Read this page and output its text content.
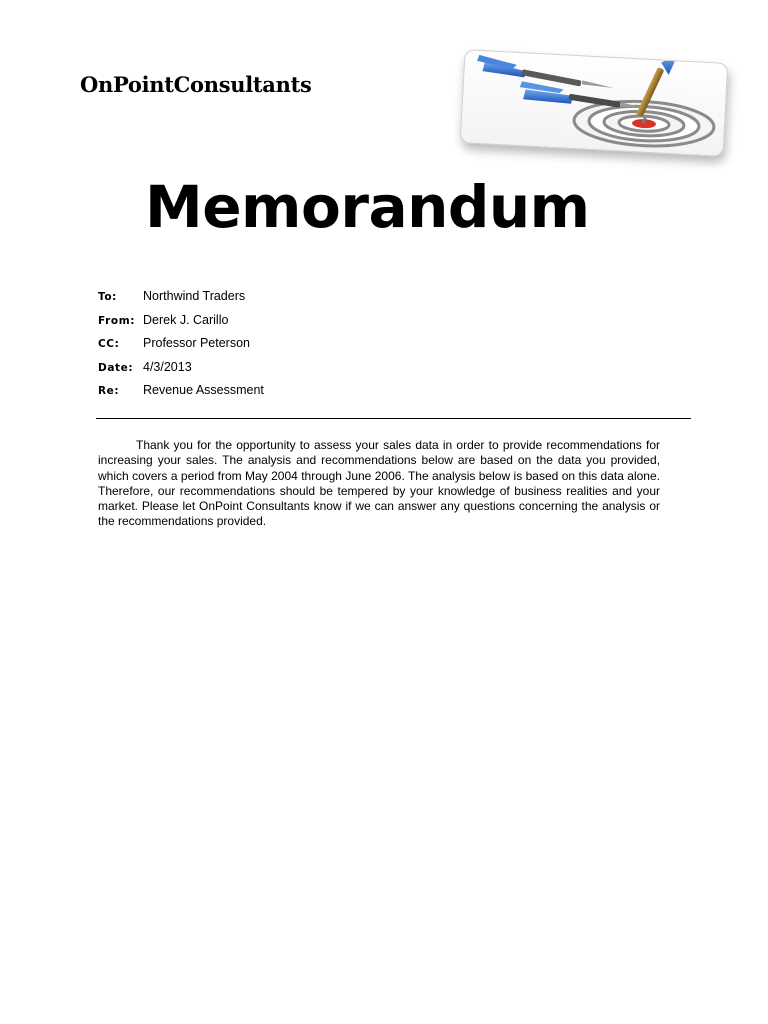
OnPointConsultants
Memorandum
To: Northwind Traders
From: Derek J. Carillo
CC: Professor Peterson
Date: 4/3/2013
Re: Revenue Assessment

Thank you for the opportunity to assess your sales data in order to provide recommendations for increasing your sales. The analysis and recommendations below are based on the data you provided, which covers a period from May 2004 through June 2006. The analysis below is based on this data alone. Therefore, our recommendations should be tempered by your knowledge of business realities and your market. Please let OnPoint Consultants know if we can answer any questions concerning the analysis or the recommendations provided.
